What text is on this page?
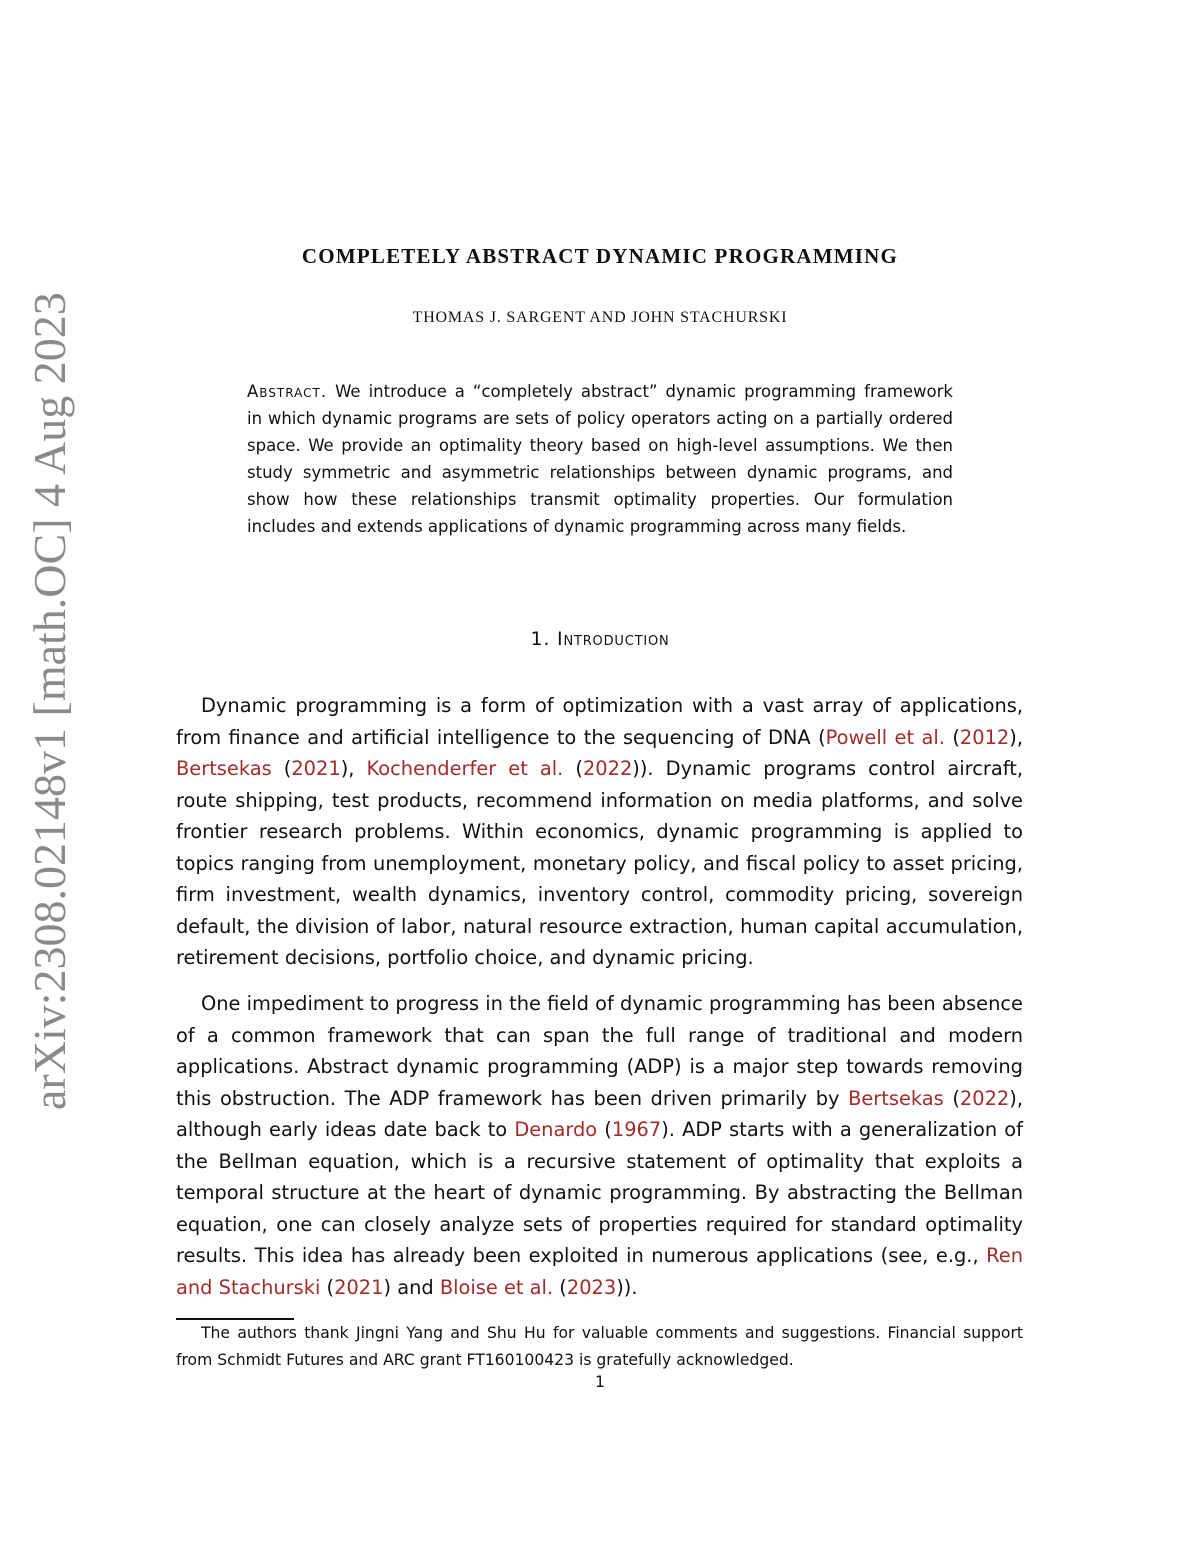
arXiv:2308.02148v1 [math.OC] 4 Aug 2023
COMPLETELY ABSTRACT DYNAMIC PROGRAMMING
THOMAS J. SARGENT AND JOHN STACHURSKI
Abstract. We introduce a “completely abstract” dynamic programming framework in which dynamic programs are sets of policy operators acting on a partially ordered space. We provide an optimality theory based on high-level assumptions. We then study symmetric and asymmetric relationships between dynamic programs, and show how these relationships transmit optimality properties. Our formulation includes and extends applications of dynamic programming across many fields.
1. Introduction

Dynamic programming is a form of optimization with a vast array of applications, from finance and artificial intelligence to the sequencing of DNA (Powell et al. (2012), Bertsekas (2021), Kochenderfer et al. (2022)). Dynamic programs control aircraft, route shipping, test products, recommend information on media platforms, and solve frontier research problems. Within economics, dynamic programming is applied to topics ranging from unemployment, monetary policy, and fiscal policy to asset pricing, firm investment, wealth dynamics, inventory control, commodity pricing, sovereign default, the division of labor, natural resource extraction, human capital accumulation, retirement decisions, portfolio choice, and dynamic pricing.

One impediment to progress in the field of dynamic programming has been absence of a common framework that can span the full range of traditional and modern applications. Abstract dynamic programming (ADP) is a major step towards removing this obstruction. The ADP framework has been driven primarily by Bertsekas (2022), although early ideas date back to Denardo (1967). ADP starts with a generalization of the Bellman equation, which is a recursive statement of optimality that exploits a temporal structure at the heart of dynamic programming. By abstracting the Bellman equation, one can closely analyze sets of properties required for standard optimality results. This idea has already been exploited in numerous applications (see, e.g., Ren and Stachurski (2021) and Bloise et al. (2023)).

The authors thank Jingni Yang and Shu Hu for valuable comments and suggestions. Financial support from Schmidt Futures and ARC grant FT160100423 is gratefully acknowledged.
1
